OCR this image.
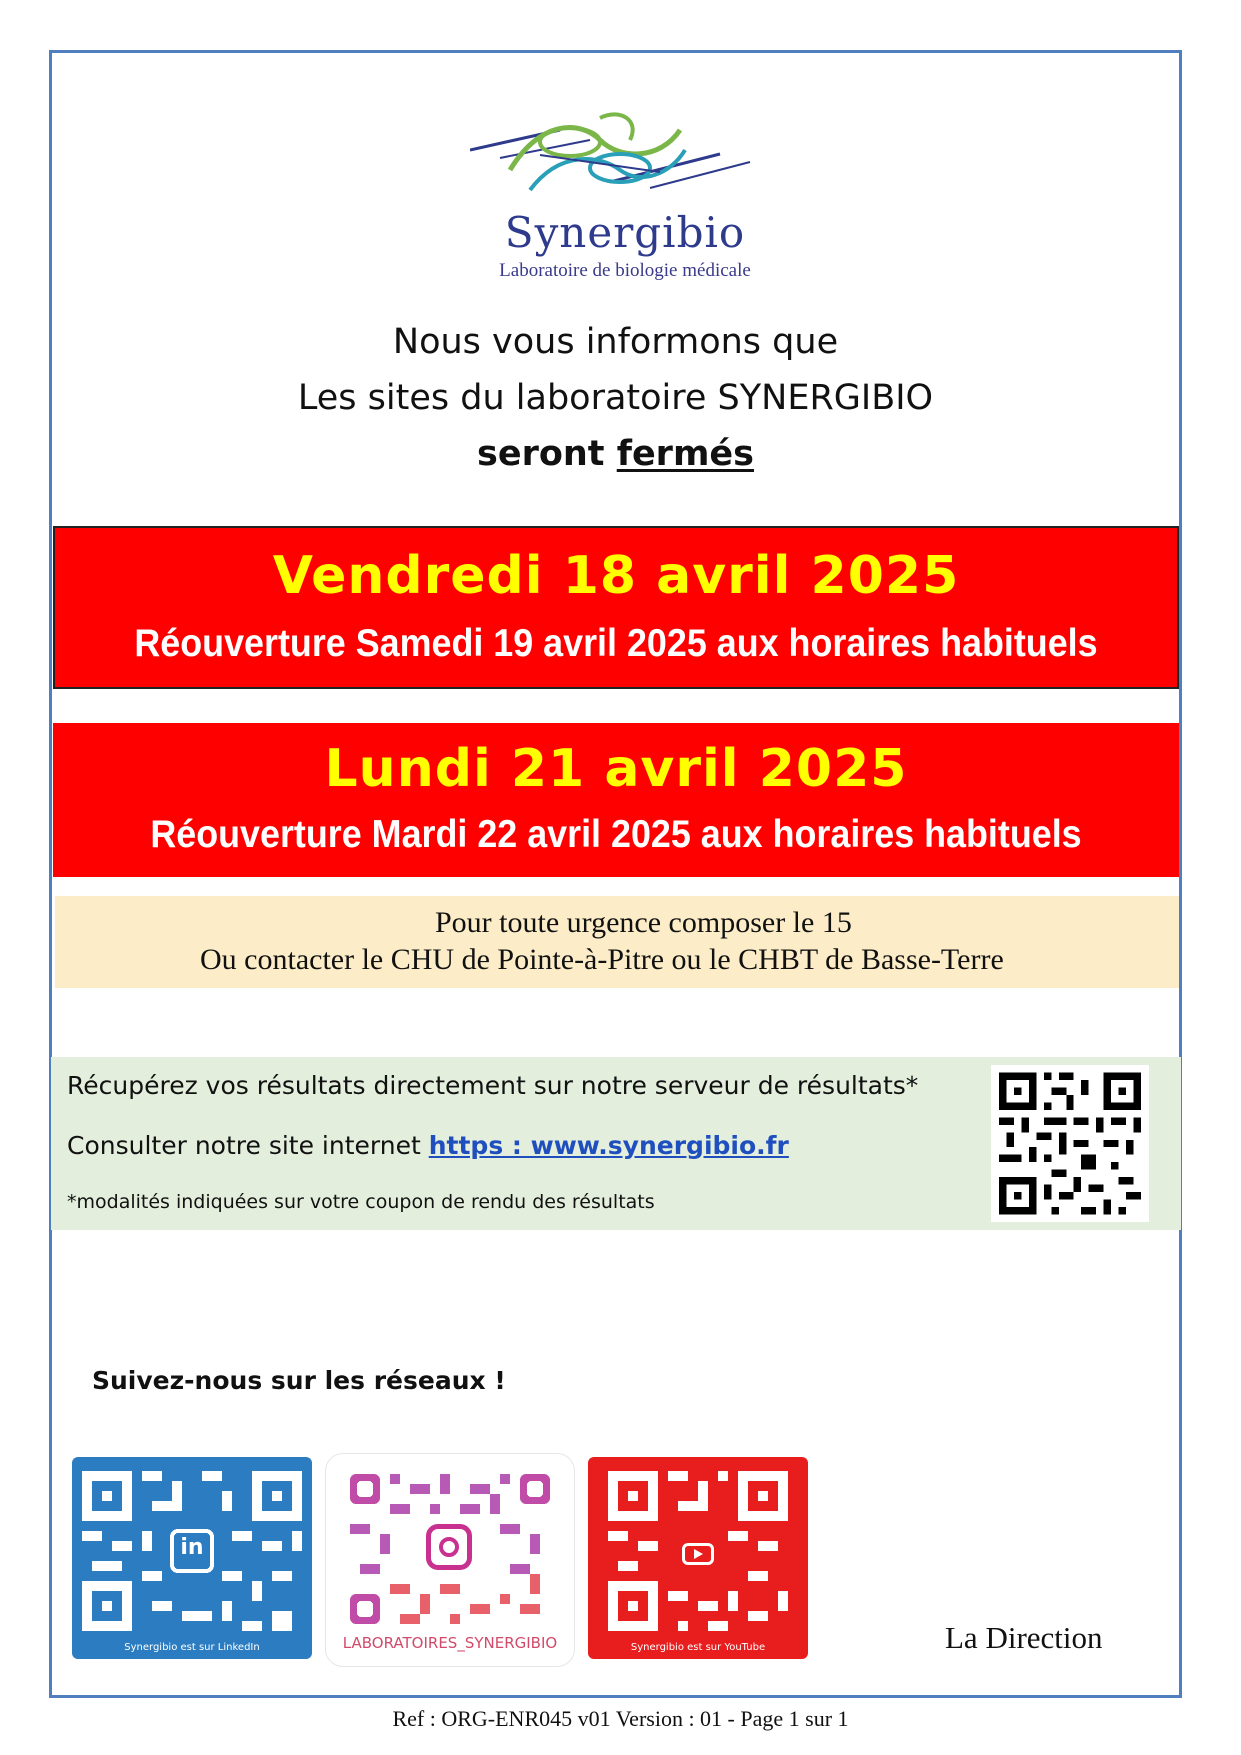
Synergibio
Laboratoire de biologie médicale
Nous vous informons que
Les sites du laboratoire SYNERGIBIO
seront fermés
Vendredi 18 avril 2025
Réouverture Samedi 19 avril 2025 aux horaires habituels
Lundi 21 avril 2025
Réouverture Mardi 22 avril 2025 aux horaires habituels
Pour toute urgence composer le 15
Ou contacter le CHU de Pointe-à-Pitre ou le CHBT de Basse-Terre
Récupérez vos résultats directement sur notre serveur de résultats*
Consulter notre site internet https : www.synergibio.fr
*modalités indiquées sur votre coupon de rendu des résultats
Suivez-nous sur les réseaux !
in
Synergibio est sur LinkedIn	LABORATOIRES_SYNERGIBIO	Synergibio est sur YouTube	La Direction
Ref : ORG-ENR045 v01 Version : 01 - Page 1 sur 1
